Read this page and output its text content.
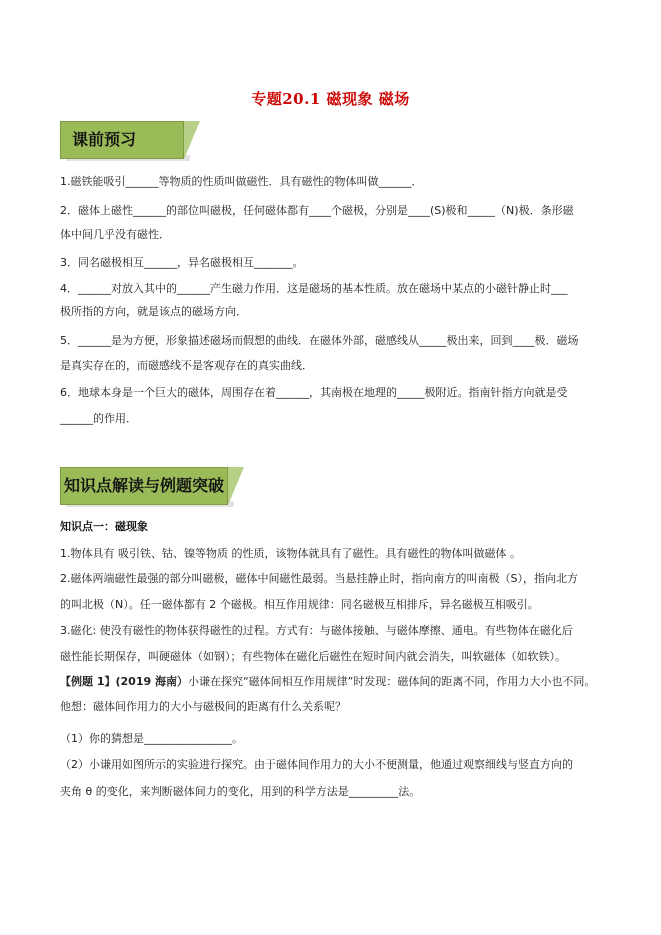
专题20.1 磁现象 磁场
课前预习
1.磁铁能吸引______等物质的性质叫做磁性．具有磁性的物体叫做______．
2．磁体上磁性______的部位叫磁极，任何磁体都有____个磁极，分别是____(S)极和_____（N)极．条形磁
体中间几乎没有磁性．
3．同名磁极相互______，异名磁极相互_______。
4．______对放入其中的______产生磁力作用．这是磁场的基本性质。放在磁场中某点的小磁针静止时___
极所指的方向，就是该点的磁场方向．
5．______是为方便，形象描述磁场而假想的曲线．在磁体外部，磁感线从_____极出来，回到____极．磁场
是真实存在的，而磁感线不是客观存在的真实曲线．
6．地球本身是一个巨大的磁体，周围存在着______，其南极在地理的_____极附近。指南针指方向就是受
______的作用．
知识点解读与例题突破
知识点一：磁现象
1.物体具有 吸引铁、钴、镍等物质 的性质，该物体就具有了磁性。具有磁性的物体叫做磁体 。
2.磁体两端磁性最强的部分叫磁极，磁体中间磁性最弱。当悬挂静止时，指向南方的叫南极（S），指向北方
的叫北极（N）。任一磁体都有 2 个磁极。相互作用规律：同名磁极互相排斥，异名磁极互相吸引。
3.磁化: 使没有磁性的物体获得磁性的过程。方式有：与磁体接触、与磁体摩擦、通电。有些物体在磁化后
磁性能长期保存，叫硬磁体（如钢）；有些物体在磁化后磁性在短时间内就会消失，叫软磁体（如软铁）。
【例题 1】(2019 海南）小谦在探究“磁体间相互作用规律”时发现：磁体间的距离不同，作用力大小也不同。
他想：磁体间作用力的大小与磁极间的距离有什么关系呢？
（1）你的猜想是________________。
（2）小谦用如图所示的实验进行探究。由于磁体间作用力的大小不便测量，他通过观察细线与竖直方向的
夹角 θ 的变化，来判断磁体间力的变化，用到的科学方法是_________法。
